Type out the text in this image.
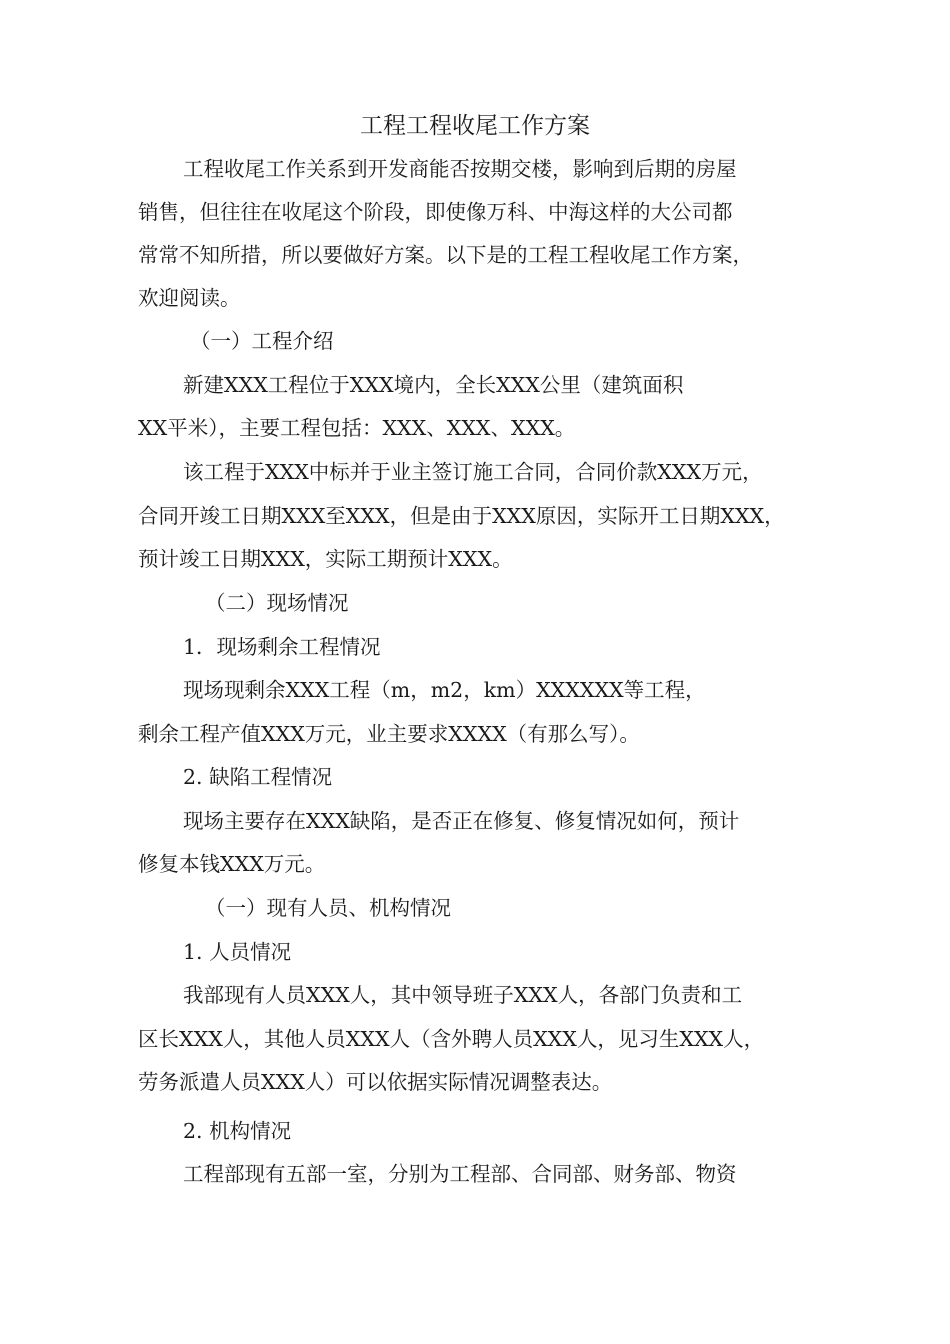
工程工程收尾工作方案
工程收尾工作关系到开发商能否按期交楼，影响到后期的房屋
销售，但往往在收尾这个阶段，即使像万科、中海这样的大公司都
常常不知所措，所以要做好方案。以下是的工程工程收尾工作方案，
欢迎阅读。
（一）工程介绍
新建XXX工程位于XXX境内，全长XXX公里（建筑面积
XX平米），主要工程包括：XXX、XXX、XXX。
该工程于XXX中标并于业主签订施工合同，合同价款XXX万元，
合同开竣工日期XXX至XXX，但是由于XXX原因，实际开工日期XXX，
预计竣工日期XXX，实际工期预计XXX。
（二）现场情况
1．现场剩余工程情况
现场现剩余XXX工程（m，m2，km）XXXXXX等工程，
剩余工程产值XXX万元，业主要求XXXX（有那么写）。
2. 缺陷工程情况
现场主要存在XXX缺陷，是否正在修复、修复情况如何，预计
修复本钱XXX万元。
（一）现有人员、机构情况
1. 人员情况
我部现有人员XXX人，其中领导班子XXX人，各部门负责和工
区长XXX人，其他人员XXX人（含外聘人员XXX人，见习生XXX人，
劳务派遣人员XXX人）可以依据实际情况调整表达。
2. 机构情况
工程部现有五部一室，分别为工程部、合同部、财务部、物资
